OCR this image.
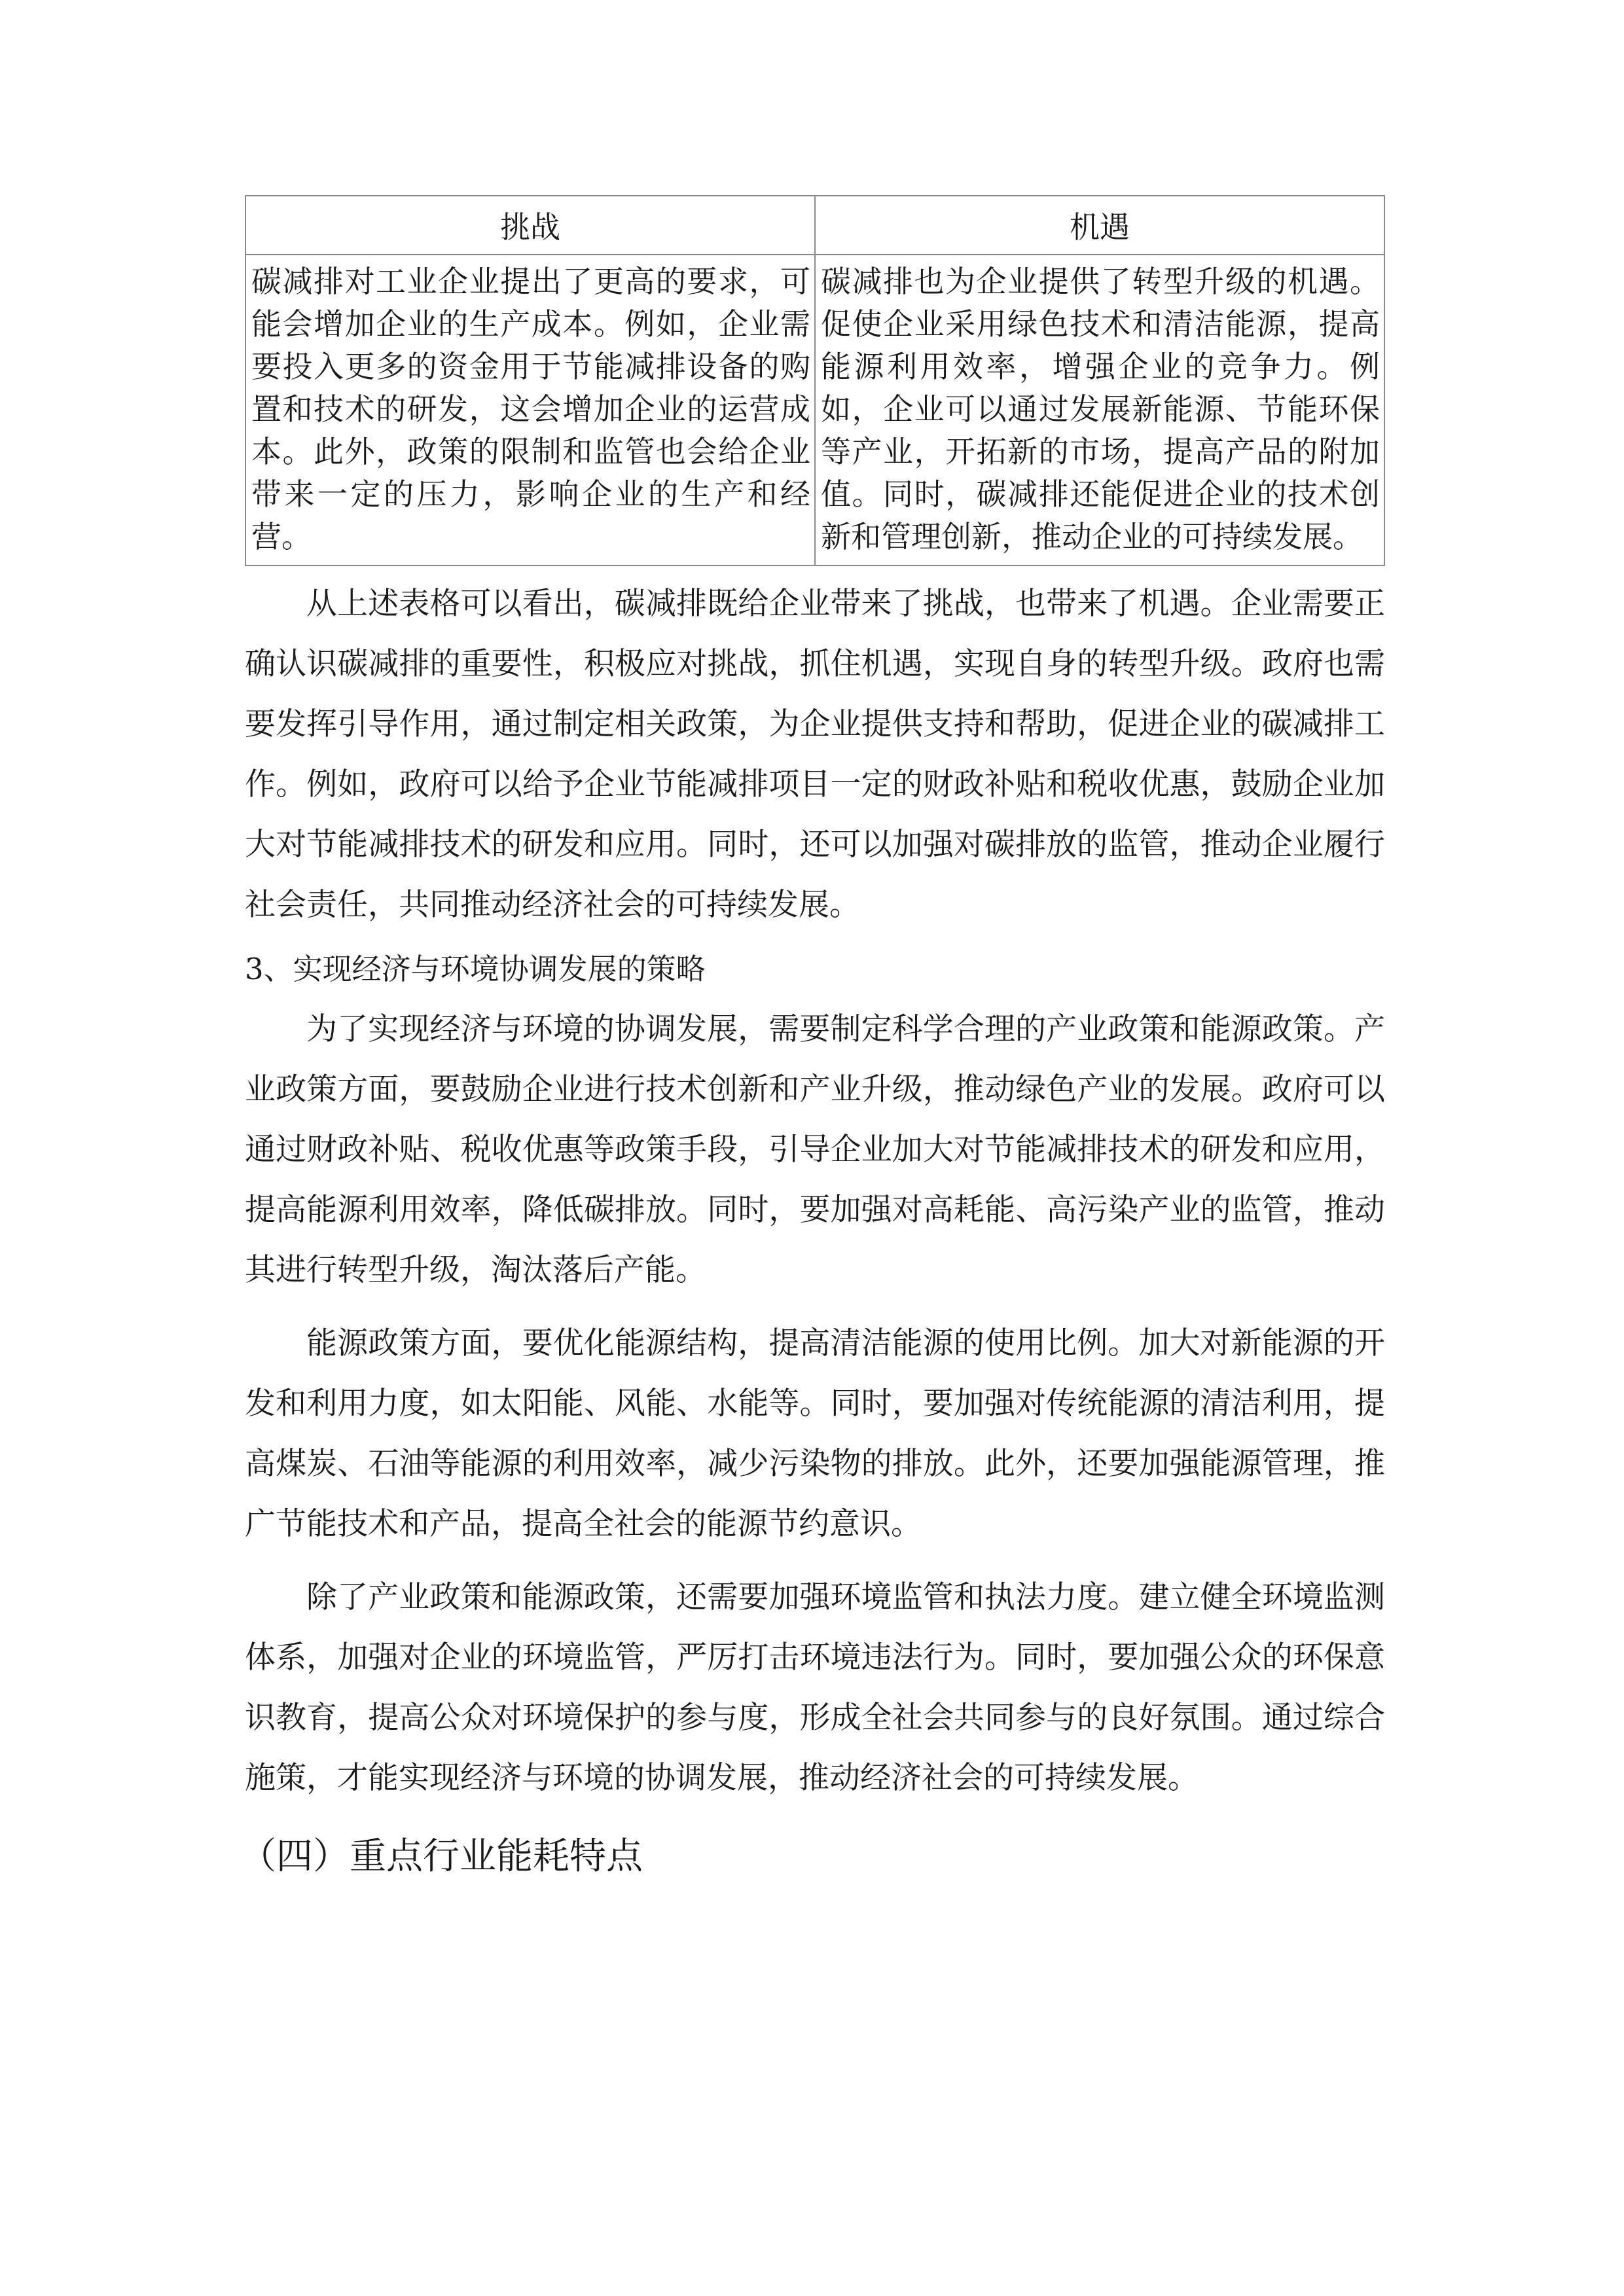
挑战	机遇
碳减排对工业企业提出了更高的要求，可能会增加企业的生产成本。例如，企业需要投入更多的资金用于节能减排设备的购置和技术的研发，这会增加企业的运营成本。此外，政策的限制和监管也会给企业带来一定的压力，影响企业的生产和经营。	碳减排也为企业提供了转型升级的机遇。促使企业采用绿色技术和清洁能源，提高能源利用效率，增强企业的竞争力。例如，企业可以通过发展新能源、节能环保等产业，开拓新的市场，提高产品的附加值。同时，碳减排还能促进企业的技术创新和管理创新，推动企业的可持续发展。

从上述表格可以看出，碳减排既给企业带来了挑战，也带来了机遇。企业需要正确认识碳减排的重要性，积极应对挑战，抓住机遇，实现自身的转型升级。政府也需要发挥引导作用，通过制定相关政策，为企业提供支持和帮助，促进企业的碳减排工作。例如，政府可以给予企业节能减排项目一定的财政补贴和税收优惠，鼓励企业加大对节能减排技术的研发和应用。同时，还可以加强对碳排放的监管，推动企业履行社会责任，共同推动经济社会的可持续发展。

3、实现经济与环境协调发展的策略

为了实现经济与环境的协调发展，需要制定科学合理的产业政策和能源政策。产业政策方面，要鼓励企业进行技术创新和产业升级，推动绿色产业的发展。政府可以通过财政补贴、税收优惠等政策手段，引导企业加大对节能减排技术的研发和应用，提高能源利用效率，降低碳排放。同时，要加强对高耗能、高污染产业的监管，推动其进行转型升级，淘汰落后产能。

能源政策方面，要优化能源结构，提高清洁能源的使用比例。加大对新能源的开发和利用力度，如太阳能、风能、水能等。同时，要加强对传统能源的清洁利用，提高煤炭、石油等能源的利用效率，减少污染物的排放。此外，还要加强能源管理，推广节能技术和产品，提高全社会的能源节约意识。

除了产业政策和能源政策，还需要加强环境监管和执法力度。建立健全环境监测体系，加强对企业的环境监管，严厉打击环境违法行为。同时，要加强公众的环保意识教育，提高公众对环境保护的参与度，形成全社会共同参与的良好氛围。通过综合施策，才能实现经济与环境的协调发展，推动经济社会的可持续发展。

（四）重点行业能耗特点
